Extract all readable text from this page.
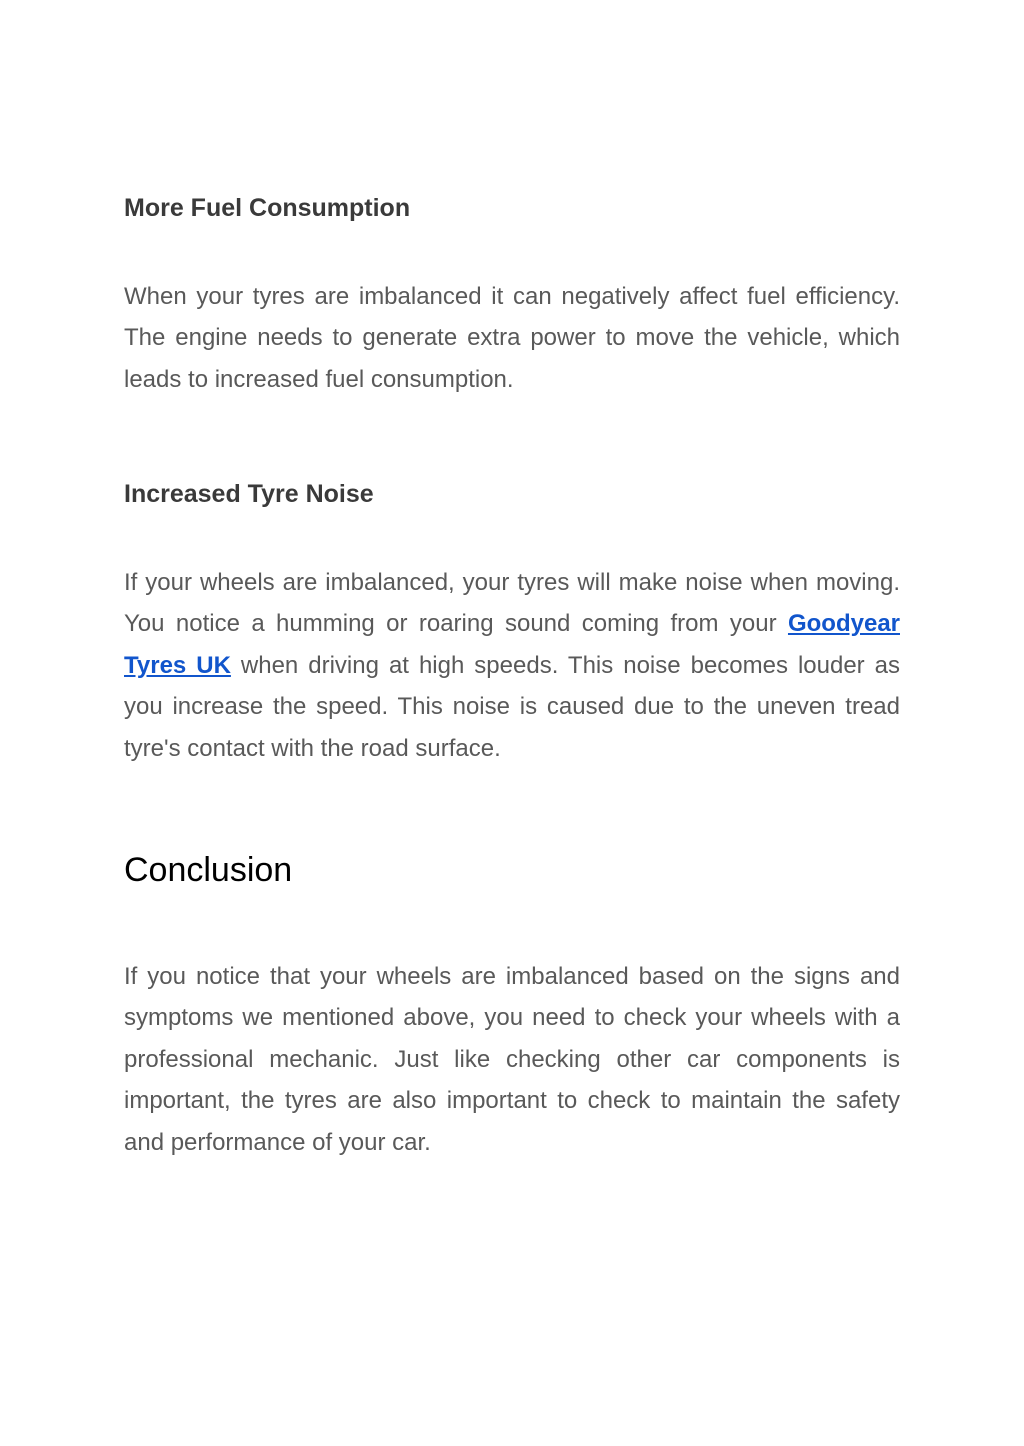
More Fuel Consumption

When your tyres are imbalanced it can negatively affect fuel efficiency. The engine needs to generate extra power to move the vehicle, which leads to increased fuel consumption.

Increased Tyre Noise

If your wheels are imbalanced, your tyres will make noise when moving. You notice a humming or roaring sound coming from your Goodyear Tyres UK when driving at high speeds. This noise becomes louder as you increase the speed. This noise is caused due to the uneven tread tyre's contact with the road surface.

Conclusion

If you notice that your wheels are imbalanced based on the signs and symptoms we mentioned above, you need to check your wheels with a professional mechanic. Just like checking other car components is important, the tyres are also important to check to maintain the safety and performance of your car.
